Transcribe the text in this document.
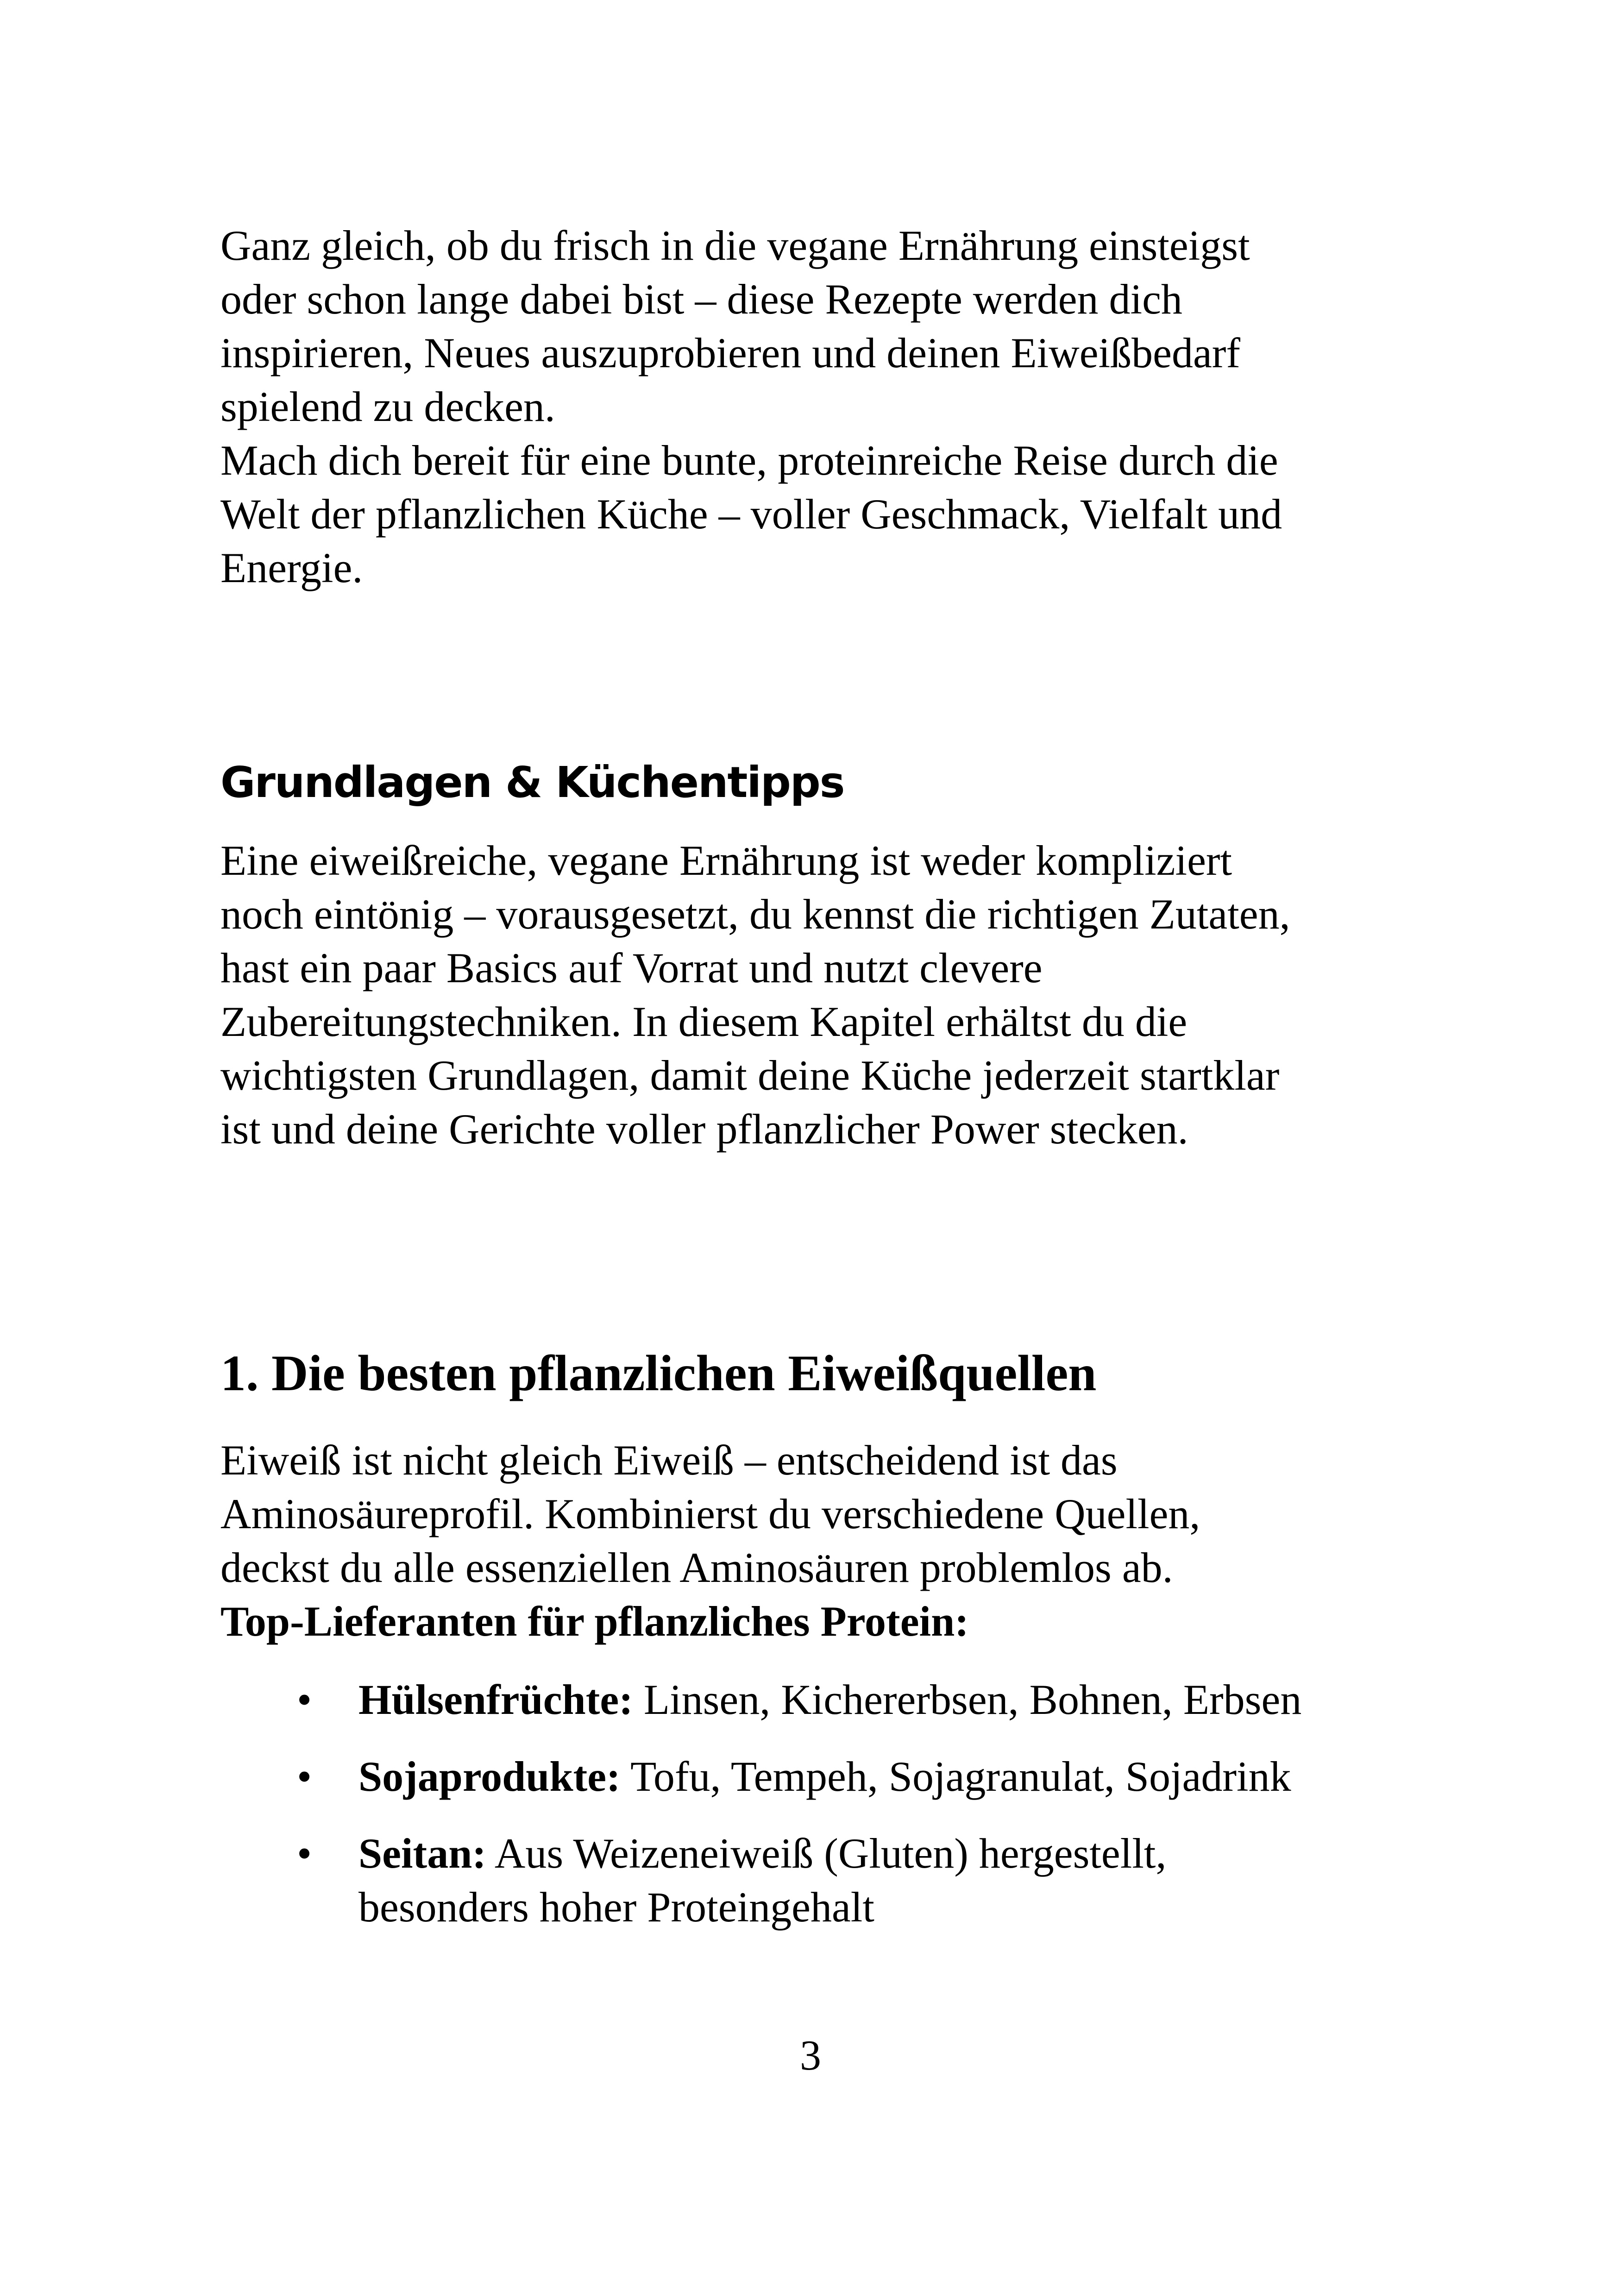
Ganz gleich, ob du frisch in die vegane Ernährung einsteigst
oder schon lange dabei bist – diese Rezepte werden dich
inspirieren, Neues auszuprobieren und deinen Eiweißbedarf
spielend zu decken.

Mach dich bereit für eine bunte, proteinreiche Reise durch die
Welt der pflanzlichen Küche – voller Geschmack, Vielfalt und
Energie.

Grundlagen & Küchentipps

Eine eiweißreiche, vegane Ernährung ist weder kompliziert
noch eintönig – vorausgesetzt, du kennst die richtigen Zutaten,
hast ein paar Basics auf Vorrat und nutzt clevere
Zubereitungstechniken. In diesem Kapitel erhältst du die
wichtigsten Grundlagen, damit deine Küche jederzeit startklar
ist und deine Gerichte voller pflanzlicher Power stecken.

1. Die besten pflanzlichen Eiweißquellen

Eiweiß ist nicht gleich Eiweiß – entscheidend ist das
Aminosäureprofil. Kombinierst du verschiedene Quellen,
deckst du alle essenziellen Aminosäuren problemlos ab.

Top-Lieferanten für pflanzliches Protein:

• Hülsenfrüchte: Linsen, Kichererbsen, Bohnen, Erbsen
• Sojaprodukte: Tofu, Tempeh, Sojagranulat, Sojadrink
• Seitan: Aus Weizeneiweiß (Gluten) hergestellt,
besonders hoher Proteingehalt

3
